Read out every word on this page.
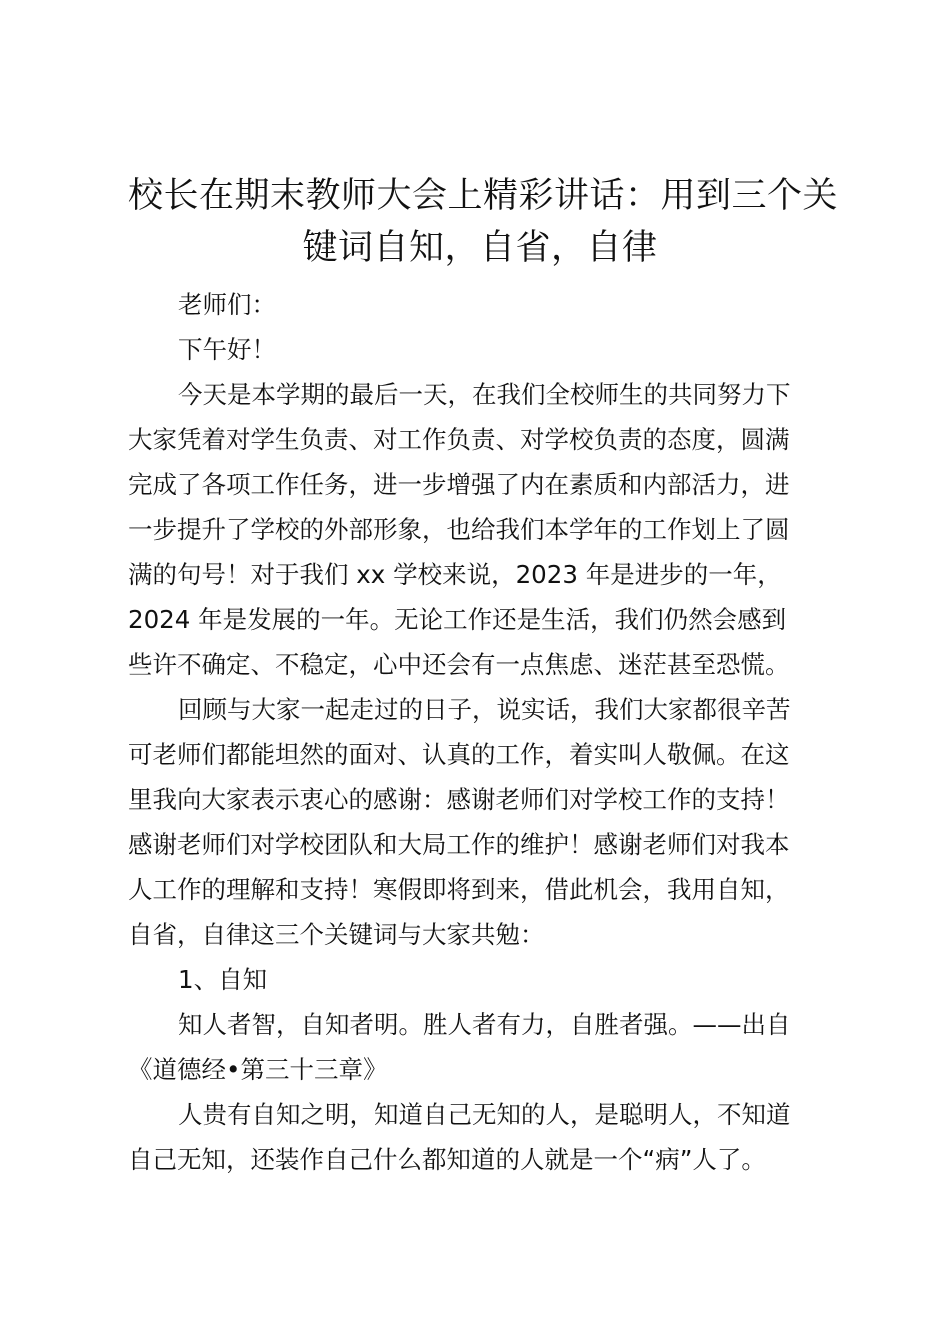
校长在期末教师大会上精彩讲话：用到三个关
键词自知，自省，自律

老师们：

下午好！

今天是本学期的最后一天，在我们全校师生的共同努力下
大家凭着对学生负责、对工作负责、对学校负责的态度，圆满
完成了各项工作任务，进一步增强了内在素质和内部活力，进
一步提升了学校的外部形象，也给我们本学年的工作划上了圆
满的句号！对于我们 xx 学校来说，2023 年是进步的一年，
2024 年是发展的一年。无论工作还是生活，我们仍然会感到
些许不确定、不稳定，心中还会有一点焦虑、迷茫甚至恐慌。

回顾与大家一起走过的日子，说实话，我们大家都很辛苦
可老师们都能坦然的面对、认真的工作，着实叫人敬佩。在这
里我向大家表示衷心的感谢：感谢老师们对学校工作的支持！
感谢老师们对学校团队和大局工作的维护！感谢老师们对我本
人工作的理解和支持！寒假即将到来，借此机会，我用自知，
自省，自律这三个关键词与大家共勉：

1、自知

知人者智，自知者明。胜人者有力，自胜者强。——出自
《道德经•第三十三章》

人贵有自知之明，知道自己无知的人，是聪明人，不知道
自己无知，还装作自己什么都知道的人就是一个“病”人了。
